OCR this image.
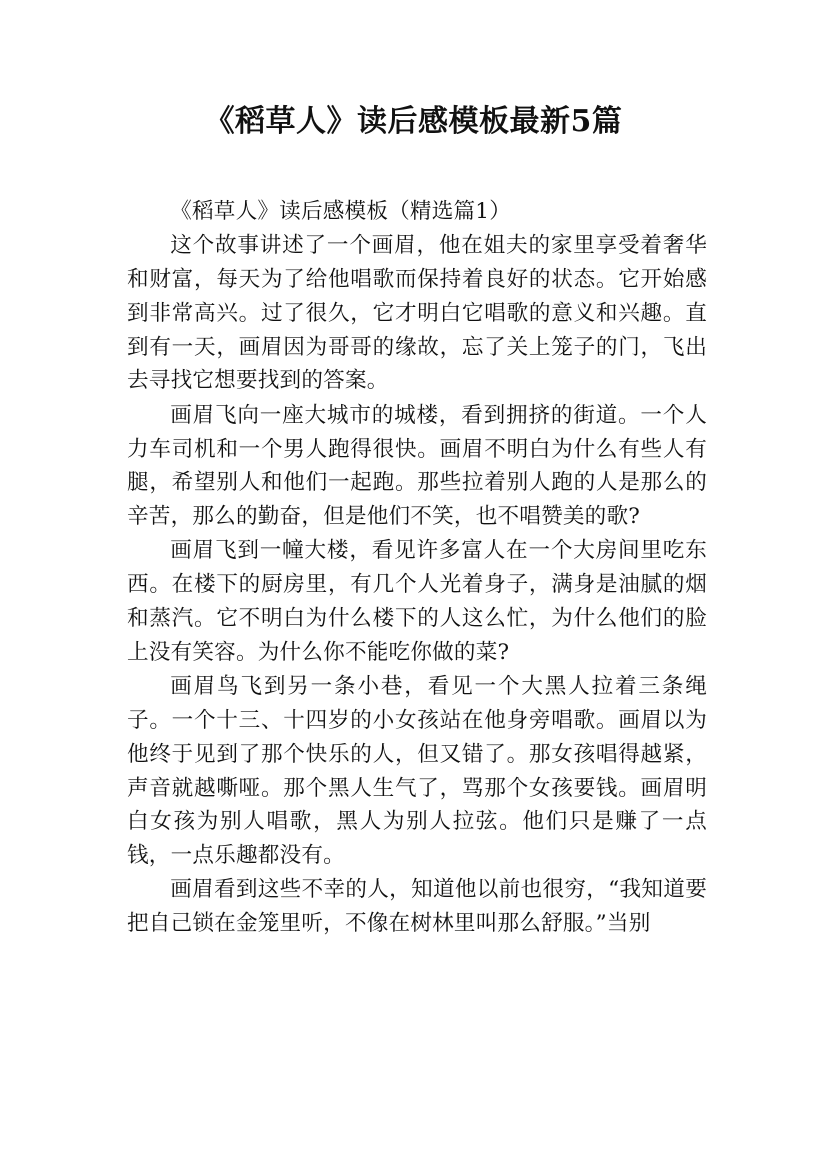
《稻草人》读后感模板最新5篇

《稻草人》读后感模板（精选篇1）

这个故事讲述了一个画眉，他在姐夫的家里享受着奢华和财富，每天为了给他唱歌而保持着良好的状态。它开始感到非常高兴。过了很久，它才明白它唱歌的意义和兴趣。直到有一天，画眉因为哥哥的缘故，忘了关上笼子的门，飞出去寻找它想要找到的答案。

画眉飞向一座大城市的城楼，看到拥挤的街道。一个人力车司机和一个男人跑得很快。画眉不明白为什么有些人有腿，希望别人和他们一起跑。那些拉着别人跑的人是那么的辛苦，那么的勤奋，但是他们不笑，也不唱赞美的歌?

画眉飞到一幢大楼，看见许多富人在一个大房间里吃东西。在楼下的厨房里，有几个人光着身子，满身是油腻的烟和蒸汽。它不明白为什么楼下的人这么忙，为什么他们的脸上没有笑容。为什么你不能吃你做的菜?

画眉鸟飞到另一条小巷，看见一个大黑人拉着三条绳子。一个十三、十四岁的小女孩站在他身旁唱歌。画眉以为他终于见到了那个快乐的人，但又错了。那女孩唱得越紧，声音就越嘶哑。那个黑人生气了，骂那个女孩要钱。画眉明白女孩为别人唱歌，黑人为别人拉弦。他们只是赚了一点钱，一点乐趣都没有。

画眉看到这些不幸的人，知道他以前也很穷，“我知道要把自己锁在金笼里听，不像在树林里叫那么舒服。”当别
